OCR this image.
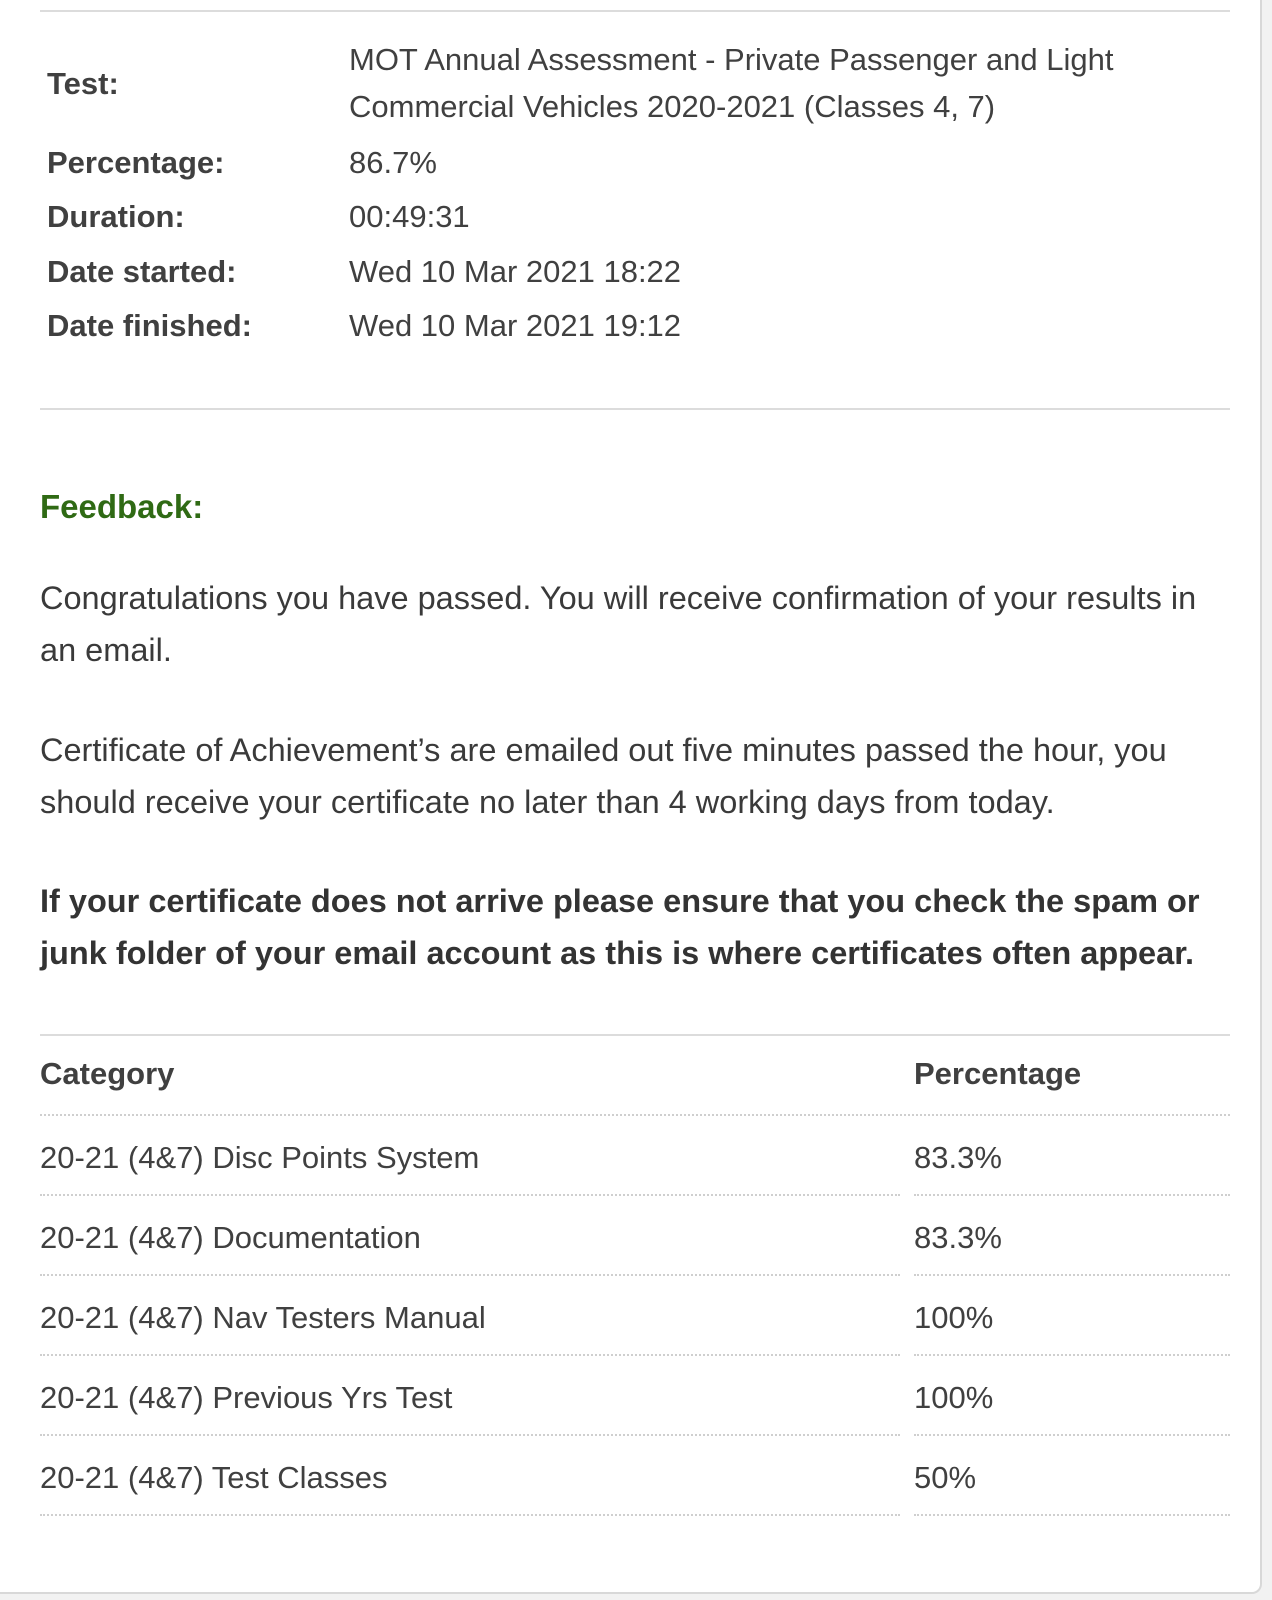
Test:
MOT Annual Assessment - Private Passenger and Light Commercial Vehicles 2020-2021 (Classes 4, 7)
Percentage:	86.7%
Duration:	00:49:31
Date started:	Wed 10 Mar 2021 18:22
Date finished:	Wed 10 Mar 2021 19:12
Feedback:
Congratulations you have passed. You will receive confirmation of your results in an email.
Certificate of Achievement’s are emailed out five minutes passed the hour, you should receive your certificate no later than 4 working days from today.
If your certificate does not arrive please ensure that you check the spam or junk folder of your email account as this is where certificates often appear.
Category	Percentage
20-21 (4&7) Disc Points System	83.3%
20-21 (4&7) Documentation	83.3%
20-21 (4&7) Nav Testers Manual	100%
20-21 (4&7) Previous Yrs Test	100%
20-21 (4&7) Test Classes	50%
